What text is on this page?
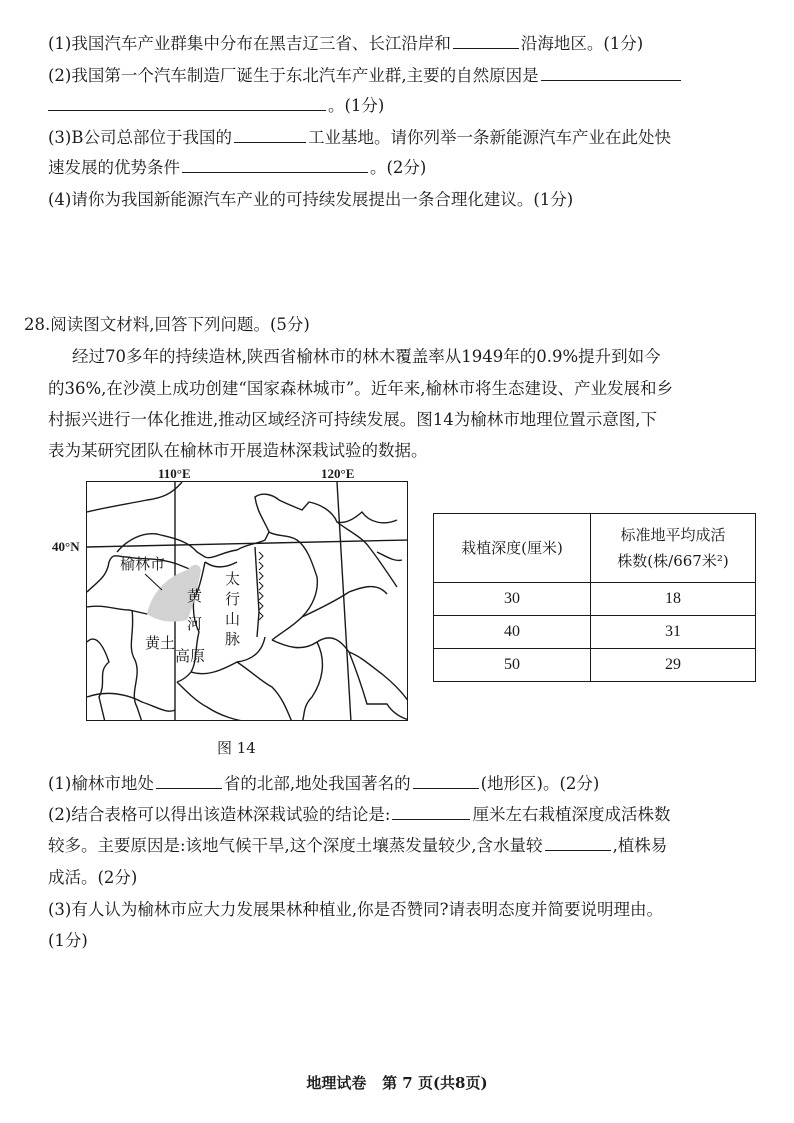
(1)我国汽车产业群集中分布在黑吉辽三省、长江沿岸和	沿海地区。(1分)
(2)我国第一个汽车制造厂诞生于东北汽车产业群,主要的自然原因是
。(1分)
(3)B公司总部位于我国的	工业基地。请你列举一条新能源汽车产业在此处快
速发展的优势条件	。(2分)
(4)请你为我国新能源汽车产业的可持续发展提出一条合理化建议。(1分)
28.阅读图文材料,回答下列问题。(5分)
经过70多年的持续造林,陕西省榆林市的林木覆盖率从1949年的0.9%提升到如今
的36%,在沙漠上成功创建“国家森林城市”。近年来,榆林市将生态建设、产业发展和乡
村振兴进行一体化推进,推动区域经济可持续发展。图14为榆林市地理位置示意图,下
表为某研究团队在榆林市开展造林深栽试验的数据。
110°E	120°E
40°N
榆林市
黄
河
太
行
山
脉
黄土
高原
图 14
栽植深度(厘米)	标准地平均成活
株数(株/667米²)
30	18
40	31
50	29
(1)榆林市地处	省的北部,地处我国著名的	(地形区)。(2分)
(2)结合表格可以得出该造林深栽试验的结论是:	厘米左右栽植深度成活株数
较多。主要原因是:该地气候干旱,这个深度土壤蒸发量较少,含水量较	,植株易
成活。(2分)
(3)有人认为榆林市应大力发展果林种植业,你是否赞同?请表明态度并简要说明理由。
(1分)
地理试卷   第 7 页(共8页)
